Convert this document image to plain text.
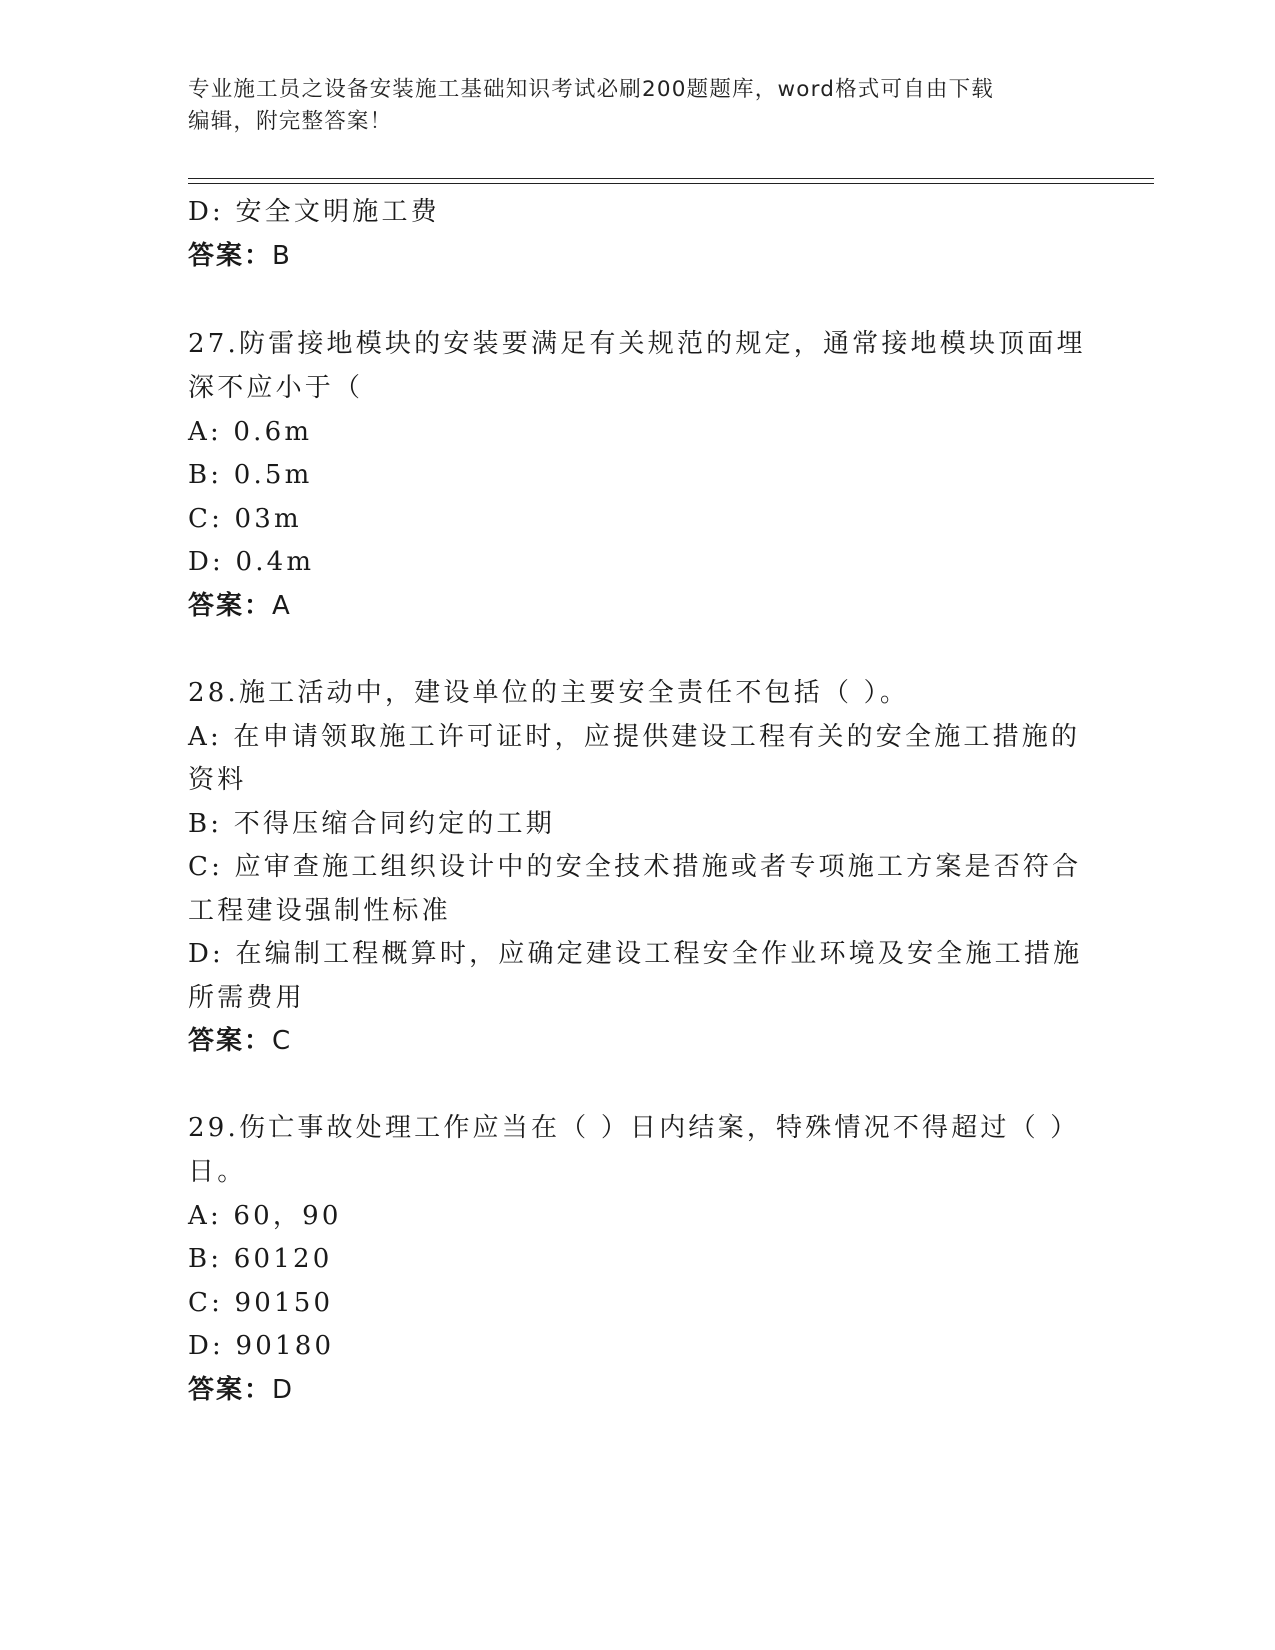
专业施工员之设备安装施工基础知识考试必刷200题题库，word格式可自由下载
编辑，附完整答案！
D: 安全文明施工费
答案：B
27.防雷接地模块的安装要满足有关规范的规定，通常接地模块顶面埋
深不应小于（
A: 0.6m
B: 0.5m
C: 03m
D: 0.4m
答案：A
28.施工活动中，建设单位的主要安全责任不包括（ ）。
A: 在申请领取施工许可证时，应提供建设工程有关的安全施工措施的
资料
B: 不得压缩合同约定的工期
C: 应审查施工组织设计中的安全技术措施或者专项施工方案是否符合
工程建设强制性标准
D: 在编制工程概算时，应确定建设工程安全作业环境及安全施工措施
所需费用
答案：C
29.伤亡事故处理工作应当在（ ）日内结案，特殊情况不得超过（ ）
日。
A: 60，90
B: 60120
C: 90150
D: 90180
答案：D
